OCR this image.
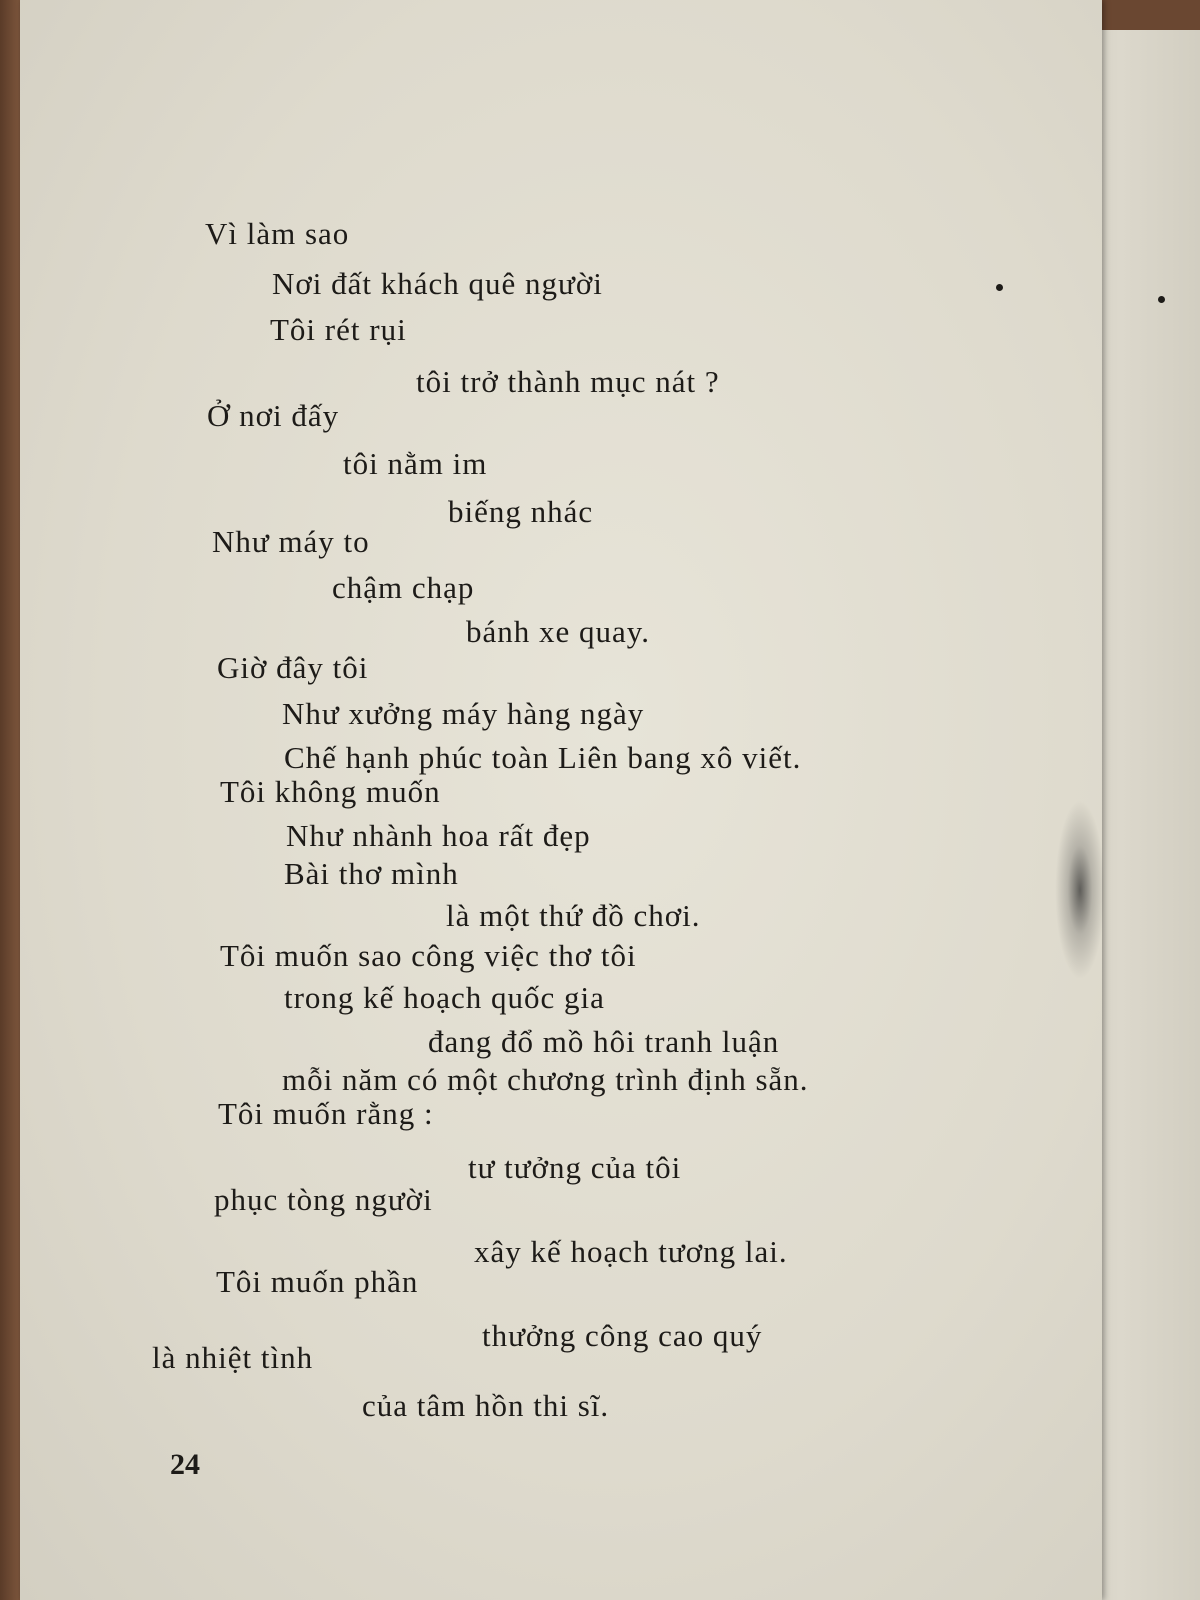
Vì làm sao
Nơi đất khách quê người
Tôi rét rụi
tôi trở thành mục nát ?
Ở nơi đấy
tôi nằm im
biếng nhác
Như máy to
chậm chạp
bánh xe quay.
Giờ đây tôi
Như xưởng máy hàng ngày
Chế hạnh phúc toàn Liên bang xô viết.
Tôi không muốn
Như nhành hoa rất đẹp
Bài thơ mình
là một thứ đồ chơi.
Tôi muốn sao công việc thơ tôi
trong kế hoạch quốc gia
đang đổ mồ hôi tranh luận
mỗi năm có một chương trình định sẵn.
Tôi muốn rằng :
tư tưởng của tôi
phục tòng người
xây kế hoạch tương lai.
Tôi muốn phần
thưởng công cao quý
là nhiệt tình
của tâm hồn thi sĩ.
24
